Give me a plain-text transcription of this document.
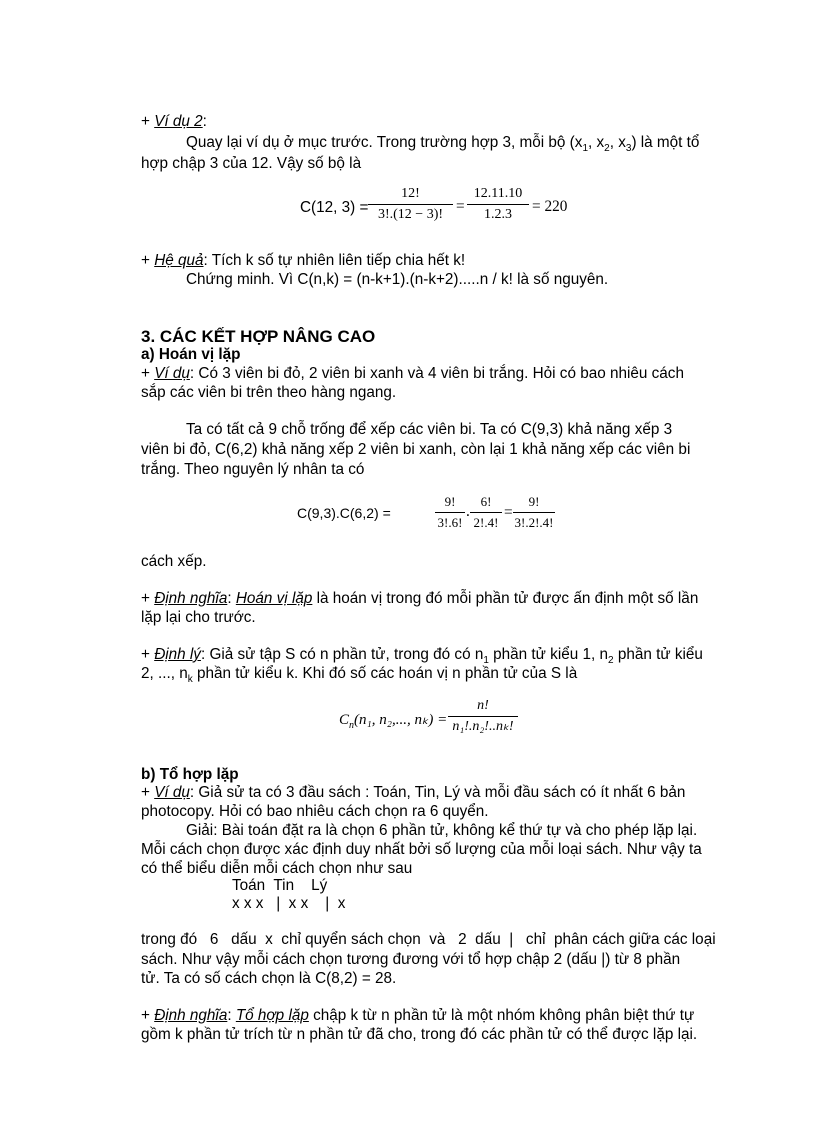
+ Ví dụ 2:
Quay lại ví dụ ở mục trước. Trong trường hợp 3, mỗi bộ ($x_1$, $x_2$, $x_3$) là một tổ
hợp chập 3 của 12. Vậy số bộ là
C(12, 3) =
12!
3!.(12 − 3)! =
12.11.10
1.2.3	= 220
+ Hệ quả: Tích k số tự nhiên liên tiếp chia hết k!
Chứng minh. Vì C(n,k) = (n-k+1).(n-k+2).....n / k! là số nguyên.
3. CÁC KẾT HỢP NÂNG CAO
a) Hoán vị lặp
+ Ví dụ: Có 3 viên bi đỏ, 2 viên bi xanh và 4 viên bi trắng. Hỏi có bao nhiêu cách
sắp các viên bi trên theo hàng ngang.
Ta có tất cả 9 chỗ trống để xếp các viên bi. Ta có C(9,3) khả năng xếp 3
viên bi đỏ, C(6,2) khả năng xếp 2 viên bi xanh, còn lại 1 khả năng xếp các viên bi
trắng. Theo nguyên lý nhân ta có
C(9,3).C(6,2) =
9!
3!.6!
.
6!
2!.4!
=
9!
3!.2!.4!
cách xếp.
+ Định nghĩa: Hoán vị lặp là hoán vị trong đó mỗi phần tử được ấn định một số lần
lặp lại cho trước.
+ Định lý: Giả sử tập S có n phần tử, trong đó có $n_1$ phần tử kiểu 1, $n_2$ phần tử kiểu
2, ..., $n_k$ phần tử kiểu k. Khi đó số các hoán vị n phần tử của S là
$C_n(n_1$, n₂,..., nₖ) =
n!
n₁!.n₂!..nₖ!
b) Tổ hợp lặp
+ Ví dụ: Giả sử ta có 3 đầu sách : Toán, Tin, Lý và mỗi đầu sách có ít nhất 6 bản
photocopy. Hỏi có bao nhiêu cách chọn ra 6 quyển.
Giải: Bài toán đặt ra là chọn 6 phần tử, không kể thứ tự và cho phép lặp lại.
Mỗi cách chọn được xác định duy nhất bởi số lượng của mỗi loại sách. Như vậy ta
có thể biểu diễn mỗi cách chọn như sau
Toán  Tin    Lý
x x x   |  x x    |  x
trong đó   6   dấu  x  chỉ quyển sách chọn  và   2  dấu  |   chỉ  phân cách giữa các loại
sách. Như vậy mỗi cách chọn tương đương với tổ hợp chập 2 (dấu |) từ 8 phần
tử. Ta có số cách chọn là C(8,2) = 28.
+ Định nghĩa: Tổ hợp lặp chập k từ n phần tử là một nhóm không phân biệt thứ tự
gồm k phần tử trích từ n phần tử đã cho, trong đó các phần tử có thể được lặp lại.
